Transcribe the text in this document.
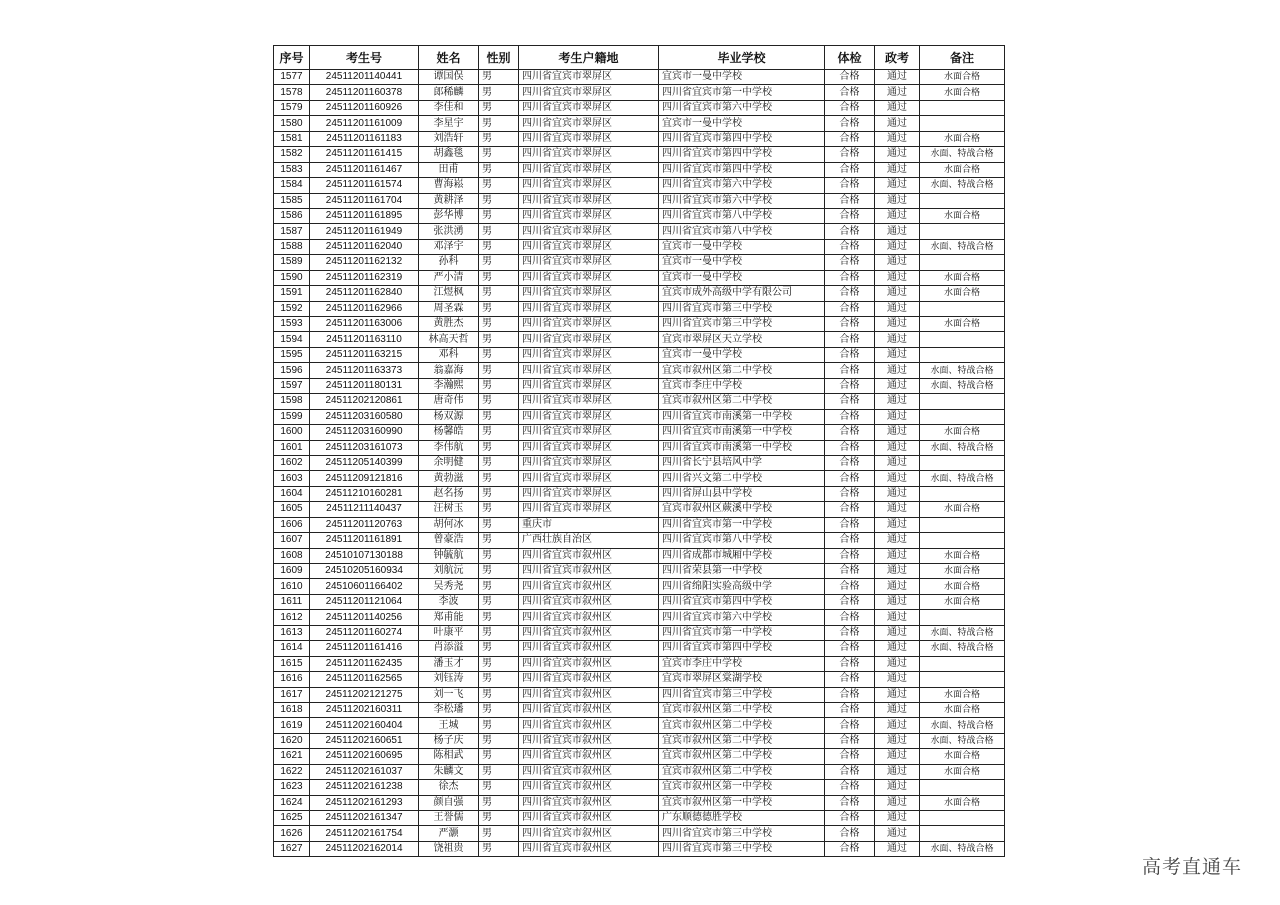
序号	考生号	姓名	性别	考生户籍地	毕业学校	体检	政考	备注
1577	24511201140441	谭国俣	男	四川省宜宾市翠屏区	宜宾市一曼中学校	合格	通过	水面合格
1578	24511201160378	郎稀麟	男	四川省宜宾市翠屏区	四川省宜宾市第一中学校	合格	通过	水面合格
1579	24511201160926	李佳和	男	四川省宜宾市翠屏区	四川省宜宾市第六中学校	合格	通过	
1580	24511201161009	李星宇	男	四川省宜宾市翠屏区	宜宾市一曼中学校	合格	通过	
1581	24511201161183	刘浩轩	男	四川省宜宾市翠屏区	四川省宜宾市第四中学校	合格	通过	水面合格
1582	24511201161415	胡鑫毯	男	四川省宜宾市翠屏区	四川省宜宾市第四中学校	合格	通过	水面、特战合格
1583	24511201161467	田甫	男	四川省宜宾市翠屏区	四川省宜宾市第四中学校	合格	通过	水面合格
1584	24511201161574	曹海崧	男	四川省宜宾市翠屏区	四川省宜宾市第六中学校	合格	通过	水面、特战合格
1585	24511201161704	黄耕泽	男	四川省宜宾市翠屏区	四川省宜宾市第六中学校	合格	通过	
1586	24511201161895	彭华博	男	四川省宜宾市翠屏区	四川省宜宾市第八中学校	合格	通过	水面合格
1587	24511201161949	张洪湧	男	四川省宜宾市翠屏区	四川省宜宾市第八中学校	合格	通过	
1588	24511201162040	邓泽宇	男	四川省宜宾市翠屏区	宜宾市一曼中学校	合格	通过	水面、特战合格
1589	24511201162132	孙科	男	四川省宜宾市翠屏区	宜宾市一曼中学校	合格	通过	
1590	24511201162319	严小清	男	四川省宜宾市翠屏区	宜宾市一曼中学校	合格	通过	水面合格
1591	24511201162840	江煜枫	男	四川省宜宾市翠屏区	宜宾市成外高级中学有限公司	合格	通过	水面合格
1592	24511201162966	周圣霖	男	四川省宜宾市翠屏区	四川省宜宾市第三中学校	合格	通过	
1593	24511201163006	黄胜杰	男	四川省宜宾市翠屏区	四川省宜宾市第三中学校	合格	通过	水面合格
1594	24511201163110	林高天哲	男	四川省宜宾市翠屏区	宜宾市翠屏区天立学校	合格	通过	
1595	24511201163215	邓科	男	四川省宜宾市翠屏区	宜宾市一曼中学校	合格	通过	
1596	24511201163373	翁嘉海	男	四川省宜宾市翠屏区	宜宾市叙州区第二中学校	合格	通过	水面、特战合格
1597	24511201180131	李瀚熙	男	四川省宜宾市翠屏区	宜宾市李庄中学校	合格	通过	水面、特战合格
1598	24511202120861	唐奇伟	男	四川省宜宾市翠屏区	宜宾市叙州区第二中学校	合格	通过	
1599	24511203160580	杨双源	男	四川省宜宾市翠屏区	四川省宜宾市南溪第一中学校	合格	通过	
1600	24511203160990	杨馨皓	男	四川省宜宾市翠屏区	四川省宜宾市南溪第一中学校	合格	通过	水面合格
1601	24511203161073	李伟航	男	四川省宜宾市翠屏区	四川省宜宾市南溪第一中学校	合格	通过	水面、特战合格
1602	24511205140399	余明健	男	四川省宜宾市翠屏区	四川省长宁县培风中学	合格	通过	
1603	24511209121816	黄勃滋	男	四川省宜宾市翠屏区	四川省兴文第二中学校	合格	通过	水面、特战合格
1604	24511210160281	赵名扬	男	四川省宜宾市翠屏区	四川省屏山县中学校	合格	通过	
1605	24511211140437	汪树玉	男	四川省宜宾市翠屏区	宜宾市叙州区蕨溪中学校	合格	通过	水面合格
1606	24511201120763	胡何冰	男	重庆市	四川省宜宾市第一中学校	合格	通过	
1607	24511201161891	曾豪浩	男	广西壮族自治区	四川省宜宾市第八中学校	合格	通过	
1608	24510107130188	钟毓航	男	四川省宜宾市叙州区	四川省成都市城厢中学校	合格	通过	水面合格
1609	24510205160934	刘航沅	男	四川省宜宾市叙州区	四川省荣县第一中学校	合格	通过	水面合格
1610	24510601166402	吴秀尧	男	四川省宜宾市叙州区	四川省绵阳实验高级中学	合格	通过	水面合格
1611	24511201121064	李波	男	四川省宜宾市叙州区	四川省宜宾市第四中学校	合格	通过	水面合格
1612	24511201140256	郑甫能	男	四川省宜宾市叙州区	四川省宜宾市第六中学校	合格	通过	
1613	24511201160274	叶康平	男	四川省宜宾市叙州区	四川省宜宾市第一中学校	合格	通过	水面、特战合格
1614	24511201161416	肖添溢	男	四川省宜宾市叙州区	四川省宜宾市第四中学校	合格	通过	水面、特战合格
1615	24511201162435	潘玉才	男	四川省宜宾市叙州区	宜宾市李庄中学校	合格	通过	
1616	24511201162565	刘钰涛	男	四川省宜宾市叙州区	宜宾市翠屏区棠湖学校	合格	通过	
1617	24511202121275	刘一飞	男	四川省宜宾市叙州区	四川省宜宾市第三中学校	合格	通过	水面合格
1618	24511202160311	李松璠	男	四川省宜宾市叙州区	宜宾市叙州区第二中学校	合格	通过	水面合格
1619	24511202160404	王城	男	四川省宜宾市叙州区	宜宾市叙州区第二中学校	合格	通过	水面、特战合格
1620	24511202160651	杨子庆	男	四川省宜宾市叙州区	宜宾市叙州区第二中学校	合格	通过	水面、特战合格
1621	24511202160695	陈相武	男	四川省宜宾市叙州区	宜宾市叙州区第二中学校	合格	通过	水面合格
1622	24511202161037	朱麟文	男	四川省宜宾市叙州区	宜宾市叙州区第二中学校	合格	通过	水面合格
1623	24511202161238	徐杰	男	四川省宜宾市叙州区	宜宾市叙州区第一中学校	合格	通过	
1624	24511202161293	颜自强	男	四川省宜宾市叙州区	宜宾市叙州区第一中学校	合格	通过	水面合格
1625	24511202161347	王誉儒	男	四川省宜宾市叙州区	广东顺德德胜学校	合格	通过	
1626	24511202161754	严灏	男	四川省宜宾市叙州区	四川省宜宾市第三中学校	合格	通过	
1627	24511202162014	饶祖贵	男	四川省宜宾市叙州区	四川省宜宾市第三中学校	合格	通过	水面、特战合格
高考直通车
